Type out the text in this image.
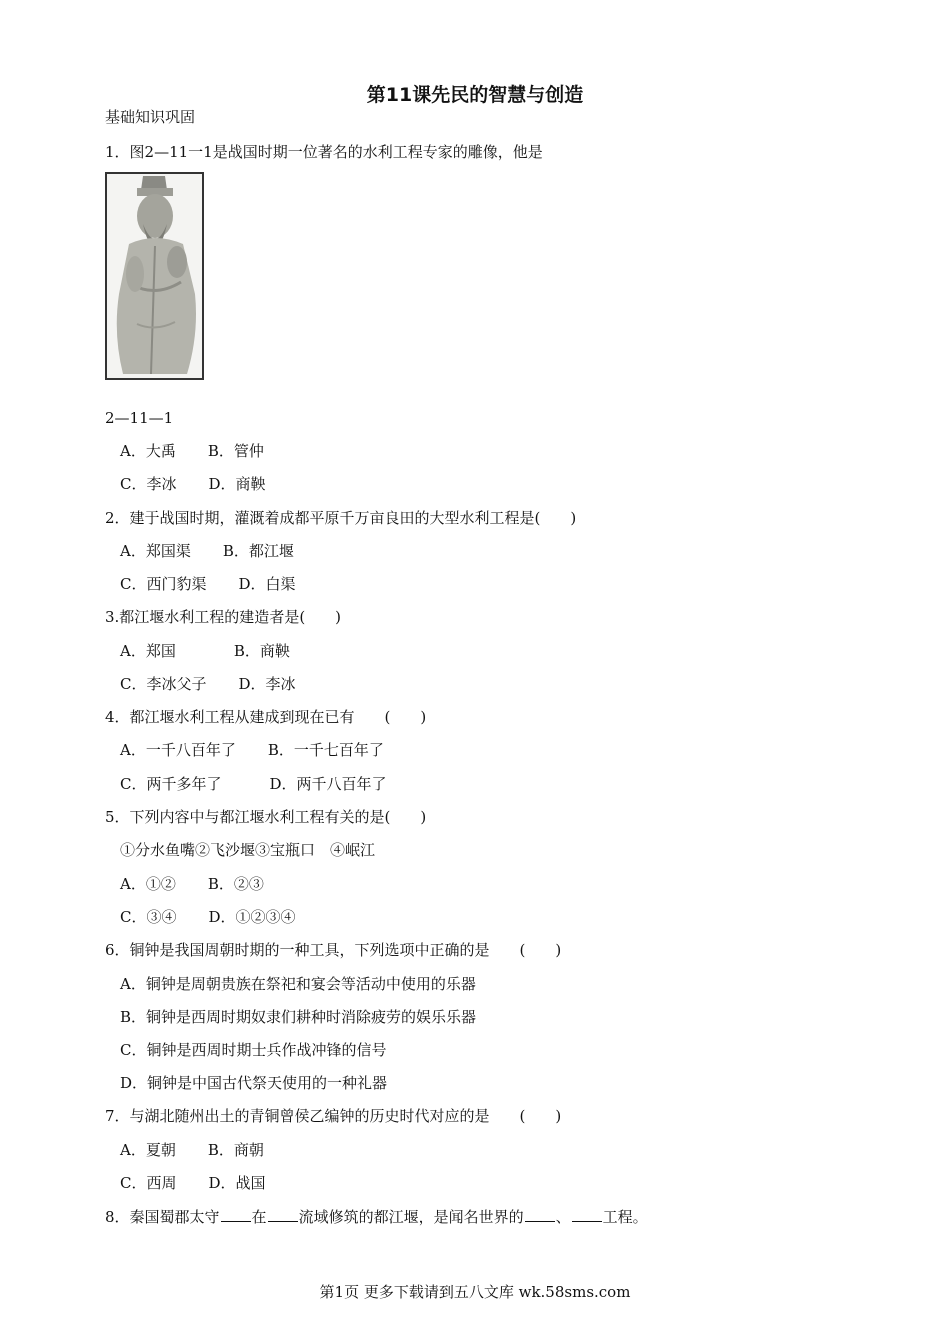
第11课先民的智慧与创造
基础知识巩固
1．图2—11一1是战国时期一位著名的水利工程专家的雕像，他是
2—11—1
A．大禹 B．管仲
C．李冰 D．商鞅
2．建于战国时期，灌溉着成都平原千万亩良田的大型水利工程是(　　)
A．郑国渠 B．都江堰
C．西门豹渠 D．白渠
3.都江堰水利工程的建造者是(　　)
A．郑国	B．商鞅
C．李冰父子 D．李冰
4．都江堰水利工程从建成到现在已有　　(　　)
A．一千八百年了 B．一千七百年了
C．两千多年了	D．两千八百年了
5．下列内容中与都江堰水利工程有关的是(　　)
①分水鱼嘴②飞沙堰③宝瓶口　④岷江
A．①② B．②③
C．③④ D．①②③④
6．铜钟是我国周朝时期的一种工具，下列选项中正确的是　　(　　)
A．铜钟是周朝贵族在祭祀和宴会等活动中使用的乐器
B．铜钟是西周时期奴隶们耕种时消除疲劳的娱乐乐器
C．铜钟是西周时期士兵作战冲锋的信号
D．铜钟是中国古代祭天使用的一种礼器
7．与湖北随州出土的青铜曾侯乙编钟的历史时代对应的是　　(　　)
A．夏朝 B．商朝
C．西周 D．战国
8．秦国蜀郡太守 在 流域修筑的都江堰，是闻名世界的 、 工程。
第1页 更多下载请到五八文库 wk.58sms.com
